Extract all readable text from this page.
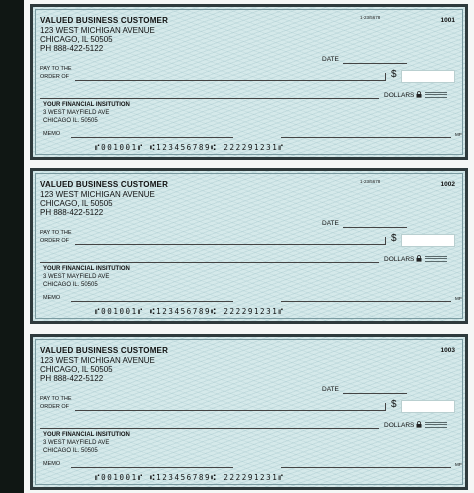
VALUED BUSINESS CUSTOMER
123 WEST MICHIGAN AVENUE
CHICAGO, IL 50505
PH 888-422-5122
1-23/5678	1001
DATE
PAY TO THE
ORDER OF	$
DOLLARS
YOUR FINANCIAL INSITUTION
3 WEST MAYFIELD AVE
CHICAGO IL. 50505
MEMO	MP
⑈001001⑈ ⑆123456789⑆ 222291231⑈
VALUED BUSINESS CUSTOMER
123 WEST MICHIGAN AVENUE
CHICAGO, IL 50505
PH 888-422-5122
1-23/5678	1002
DATE
PAY TO THE
ORDER OF	$
DOLLARS
YOUR FINANCIAL INSITUTION
3 WEST MAYFIELD AVE
CHICAGO IL. 50505
MEMO	MP
⑈001001⑈ ⑆123456789⑆ 222291231⑈
VALUED BUSINESS CUSTOMER
123 WEST MICHIGAN AVENUE
CHICAGO, IL 50505
PH 888-422-5122
1003
DATE
PAY TO THE
ORDER OF	$
DOLLARS
YOUR FINANCIAL INSITUTION
3 WEST MAYFIELD AVE
CHICAGO IL. 50505
MEMO	MP
⑈001001⑈ ⑆123456789⑆ 222291231⑈
